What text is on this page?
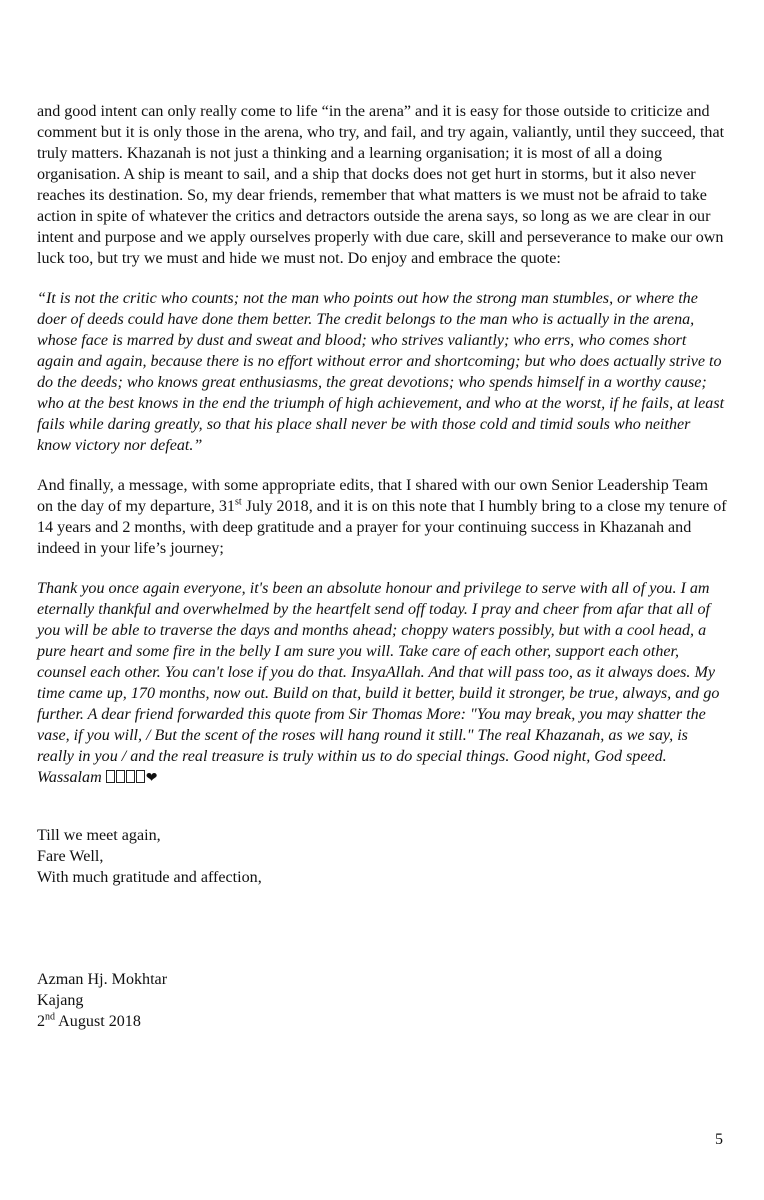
and good intent can only really come to life “in the arena” and it is easy for those outside to criticize and comment but it is only those in the arena, who try, and fail, and try again, valiantly, until they succeed, that truly matters. Khazanah is not just a thinking and a learning organisation; it is most of all a doing organisation. A ship is meant to sail, and a ship that docks does not get hurt in storms, but it also never reaches its destination. So, my dear friends, remember that what matters is we must not be afraid to take action in spite of whatever the critics and detractors outside the arena says, so long as we are clear in our intent and purpose and we apply ourselves properly with due care, skill and perseverance to make our own luck too, but try we must and hide we must not. Do enjoy and embrace the quote:

“It is not the critic who counts; not the man who points out how the strong man stumbles, or where the doer of deeds could have done them better. The credit belongs to the man who is actually in the arena, whose face is marred by dust and sweat and blood; who strives valiantly; who errs, who comes short again and again, because there is no effort without error and shortcoming; but who does actually strive to do the deeds; who knows great enthusiasms, the great devotions; who spends himself in a worthy cause; who at the best knows in the end the triumph of high achievement, and who at the worst, if he fails, at least fails while daring greatly, so that his place shall never be with those cold and timid souls who neither know victory nor defeat.”

And finally, a message, with some appropriate edits, that I shared with our own Senior Leadership Team on the day of my departure, 31st July 2018, and it is on this note that I humbly bring to a close my tenure of 14 years and 2 months, with deep gratitude and a prayer for your continuing success in Khazanah and indeed in your life’s journey;

Thank you once again everyone, it's been an absolute honour and privilege to serve with all of you. I am eternally thankful and overwhelmed by the heartfelt send off today. I pray and cheer from afar that all of you will be able to traverse the days and months ahead; choppy waters possibly, but with a cool head, a pure heart and some fire in the belly I am sure you will. Take care of each other, support each other, counsel each other. You can't lose if you do that. InsyaAllah. And that will pass too, as it always does. My time came up, 170 months, now out. Build on that, build it better, build it stronger, be true, always, and go further. A dear friend forwarded this quote from Sir Thomas More: "You may break, you may shatter the vase, if you will, / But the scent of the roses will hang round it still." The real Khazanah, as we say, is really in you / and the real treasure is truly within us to do special things. Good night, God speed. Wassalam	❤

Till we meet again,
Fare Well,
With much gratitude and affection,
Azman Hj. Mokhtar
Kajang
2nd August 2018
5
